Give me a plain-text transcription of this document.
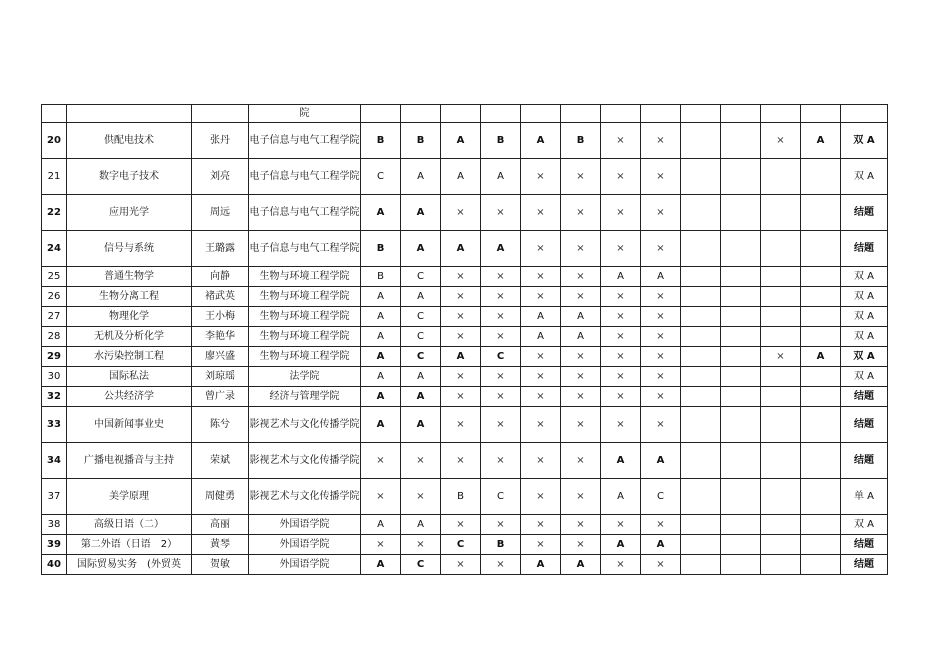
			院													
20	供配电技术	张丹	电子信息与电气工程学院	B	B	A	B	A	B	×	×			×	A	双 A
21	数字电子技术	刘亮	电子信息与电气工程学院	C	A	A	A	×	×	×	×					双 A
22	应用光学	周远	电子信息与电气工程学院	A	A	×	×	×	×	×	×					结题
24	信号与系统	王璐露	电子信息与电气工程学院	B	A	A	A	×	×	×	×					结题
25	普通生物学	向静	生物与环境工程学院	B	C	×	×	×	×	A	A					双 A
26	生物分离工程	褚武英	生物与环境工程学院	A	A	×	×	×	×	×	×					双 A
27	物理化学	王小梅	生物与环境工程学院	A	C	×	×	A	A	×	×					双 A
28	无机及分析化学	李艳华	生物与环境工程学院	A	C	×	×	A	A	×	×					双 A
29	水污染控制工程	廖兴盛	生物与环境工程学院	A	C	A	C	×	×	×	×			×	A	双 A
30	国际私法	刘琼瑶	法学院	A	A	×	×	×	×	×	×					双 A
32	公共经济学	曾广录	经济与管理学院	A	A	×	×	×	×	×	×					结题
33	中国新闻事业史	陈兮	影视艺术与文化传播学院	A	A	×	×	×	×	×	×					结题
34	广播电视播音与主持	荣斌	影视艺术与文化传播学院	×	×	×	×	×	×	A	A					结题
37	美学原理	周健勇	影视艺术与文化传播学院	×	×	B	C	×	×	A	C					单 A
38	高级日语（二）	高丽	外国语学院	A	A	×	×	×	×	×	×					双 A
39	第二外语（日语　2）	黄琴	外国语学院	×	×	C	B	×	×	A	A					结题
40	国际贸易实务　(外贸英	贺敏	外国语学院	A	C	×	×	A	A	×	×					结题
